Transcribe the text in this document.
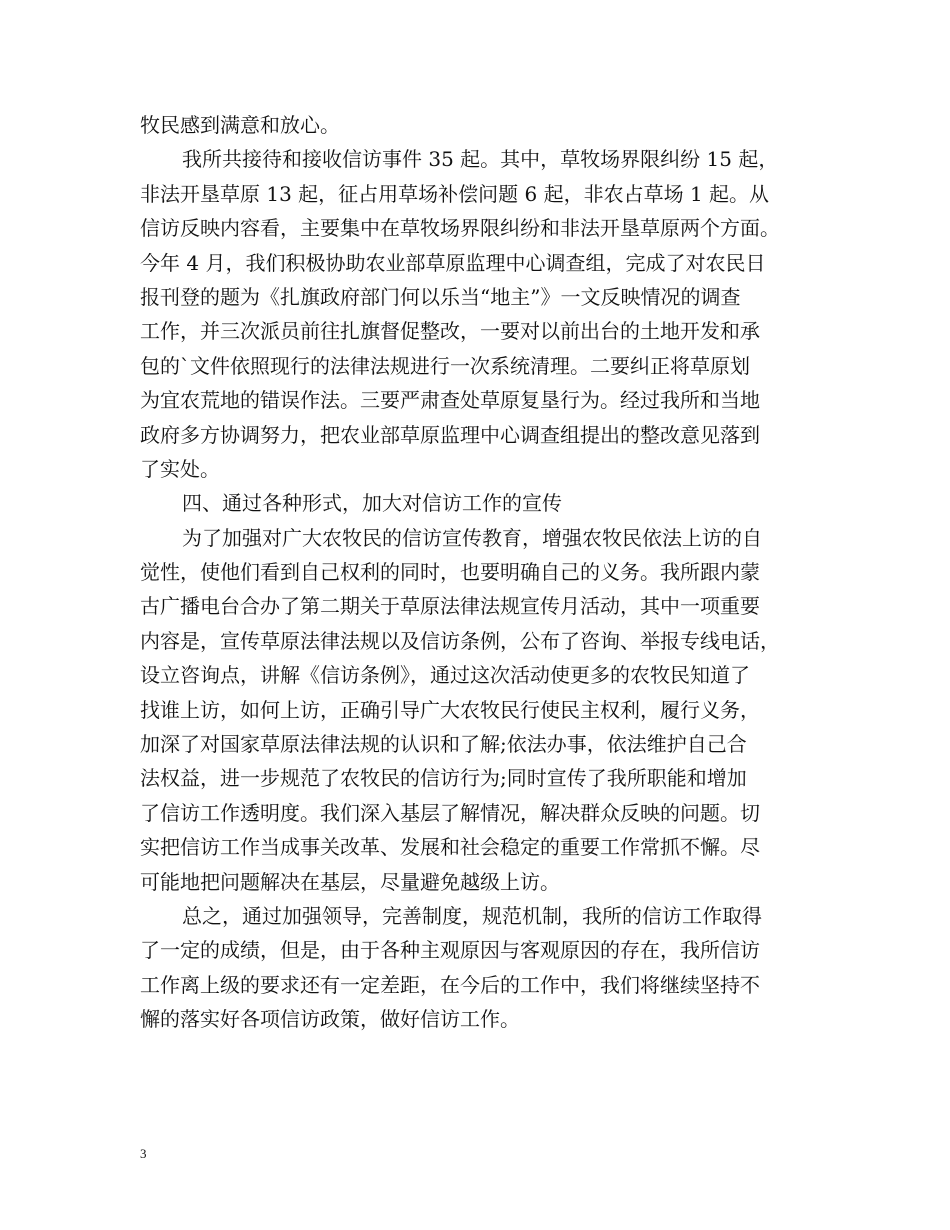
牧民感到满意和放心。
我所共接待和接收信访事件 35 起。其中，草牧场界限纠纷 15 起，
非法开垦草原 13 起，征占用草场补偿问题 6 起，非农占草场 1 起。从
信访反映内容看，主要集中在草牧场界限纠纷和非法开垦草原两个方面。
今年 4 月，我们积极协助农业部草原监理中心调查组，完成了对农民日
报刊登的题为《扎旗政府部门何以乐当“地主”》一文反映情况的调查
工作，并三次派员前往扎旗督促整改，一要对以前出台的土地开发和承
包的`文件依照现行的法律法规进行一次系统清理。二要纠正将草原划
为宜农荒地的错误作法。三要严肃查处草原复垦行为。经过我所和当地
政府多方协调努力，把农业部草原监理中心调查组提出的整改意见落到
了实处。
四、通过各种形式，加大对信访工作的宣传
为了加强对广大农牧民的信访宣传教育，增强农牧民依法上访的自
觉性，使他们看到自己权利的同时，也要明确自己的义务。我所跟内蒙
古广播电台合办了第二期关于草原法律法规宣传月活动，其中一项重要
内容是，宣传草原法律法规以及信访条例，公布了咨询、举报专线电话，
设立咨询点，讲解《信访条例》，通过这次活动使更多的农牧民知道了
找谁上访，如何上访，正确引导广大农牧民行使民主权利，履行义务，
加深了对国家草原法律法规的认识和了解;依法办事，依法维护自己合
法权益，进一步规范了农牧民的信访行为;同时宣传了我所职能和增加
了信访工作透明度。我们深入基层了解情况，解决群众反映的问题。切
实把信访工作当成事关改革、发展和社会稳定的重要工作常抓不懈。尽
可能地把问题解决在基层，尽量避免越级上访。
总之，通过加强领导，完善制度，规范机制，我所的信访工作取得
了一定的成绩，但是，由于各种主观原因与客观原因的存在，我所信访
工作离上级的要求还有一定差距，在今后的工作中，我们将继续坚持不
懈的落实好各项信访政策，做好信访工作。
3
